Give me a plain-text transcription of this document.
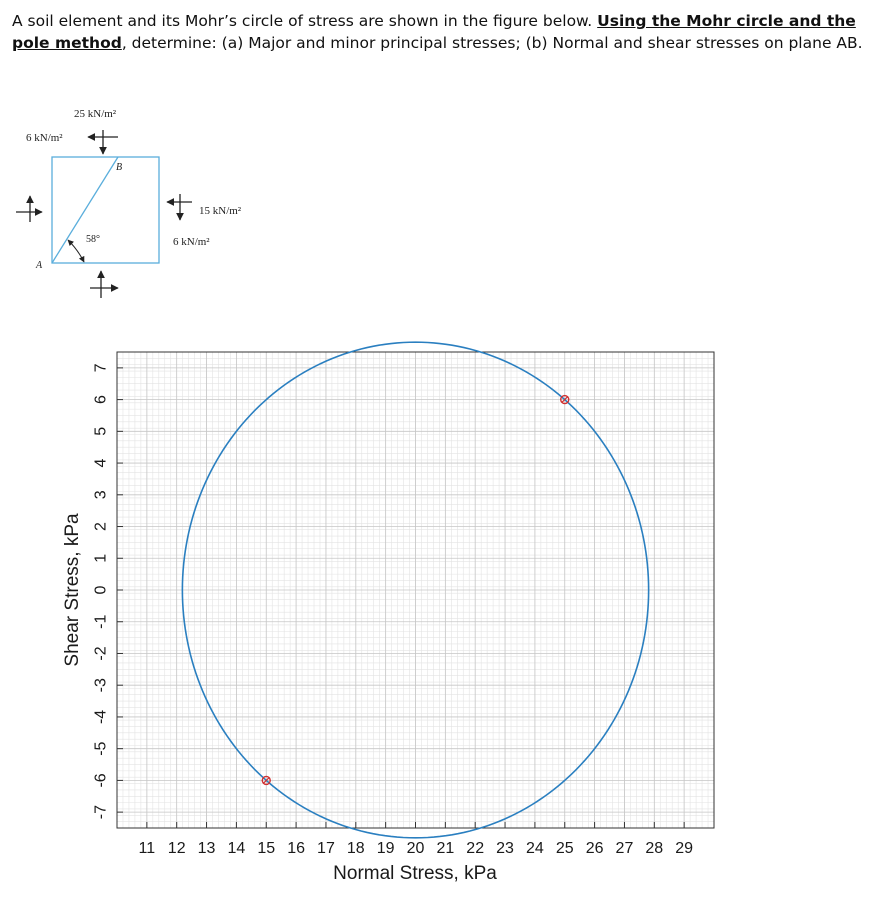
A soil element and its Mohr’s circle of stress are shown in the figure below. Using the Mohr circle and the pole method, determine: (a) Major and minor principal stresses; (b) Normal and shear stresses on plane AB.
A
B
58°
25 kN/m²
6 kN/m²
15 kN/m²
6 kN/m²
11 12 13 14 15 16 17 18 19 20 21 22 23 24 25 26 27 28 29
7
6
5
4
3
2
1
0
-1
-2
-3
-4
-5
-6
-7
Normal Stress, kPa
Shear Stress, kPa
